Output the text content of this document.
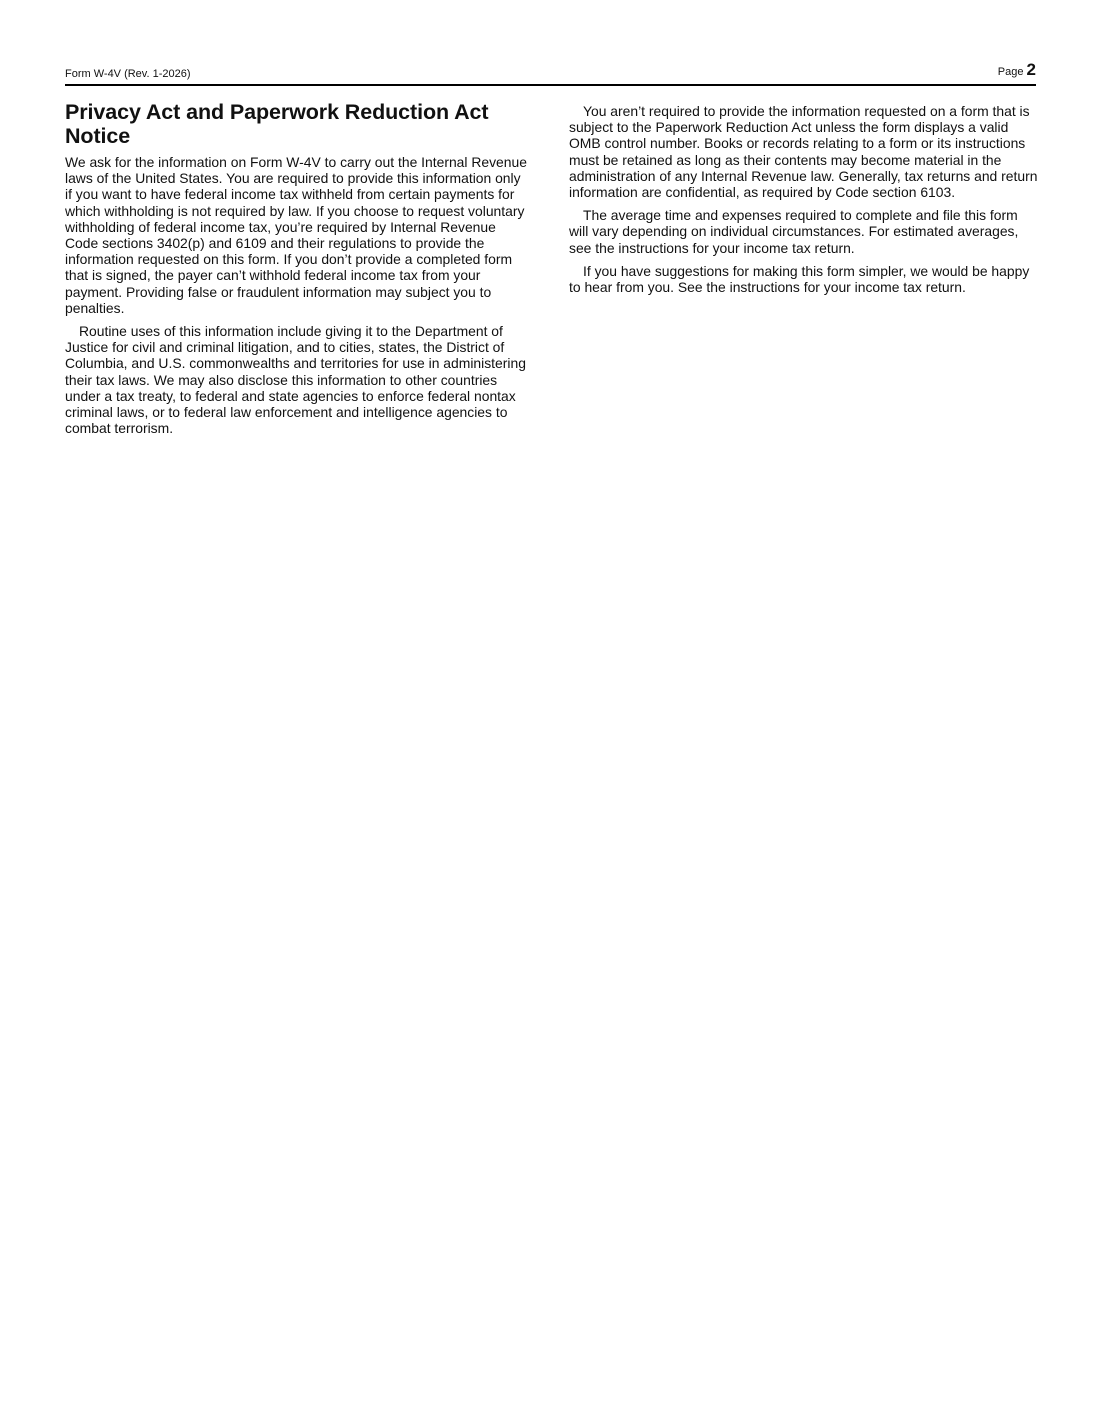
Form W-4V (Rev. 1-2026)	Page 2
Privacy Act and Paperwork Reduction Act Notice

We ask for the information on Form W-4V to carry out the Internal Revenue laws of the United States. You are required to provide this information only if you want to have federal income tax withheld from certain payments for which withholding is not required by law. If you choose to request voluntary withholding of federal income tax, you’re required by Internal Revenue Code sections 3402(p) and 6109 and their regulations to provide the information requested on this form. If you don’t provide a completed form that is signed, the payer can’t withhold federal income tax from your payment. Providing false or fraudulent information may subject you to penalties.

Routine uses of this information include giving it to the Department of Justice for civil and criminal litigation, and to cities, states, the District of Columbia, and U.S. commonwealths and territories for use in administering their tax laws. We may also disclose this information to other countries under a tax treaty, to federal and state agencies to enforce federal nontax criminal laws, or to federal law enforcement and intelligence agencies to combat terrorism.

You aren’t required to provide the information requested on a form that is subject to the Paperwork Reduction Act unless the form displays a valid OMB control number. Books or records relating to a form or its instructions must be retained as long as their contents may become material in the administration of any Internal Revenue law. Generally, tax returns and return information are confidential, as required by Code section 6103.

The average time and expenses required to complete and file this form will vary depending on individual circumstances. For estimated averages, see the instructions for your income tax return.

If you have suggestions for making this form simpler, we would be happy to hear from you. See the instructions for your income tax return.
